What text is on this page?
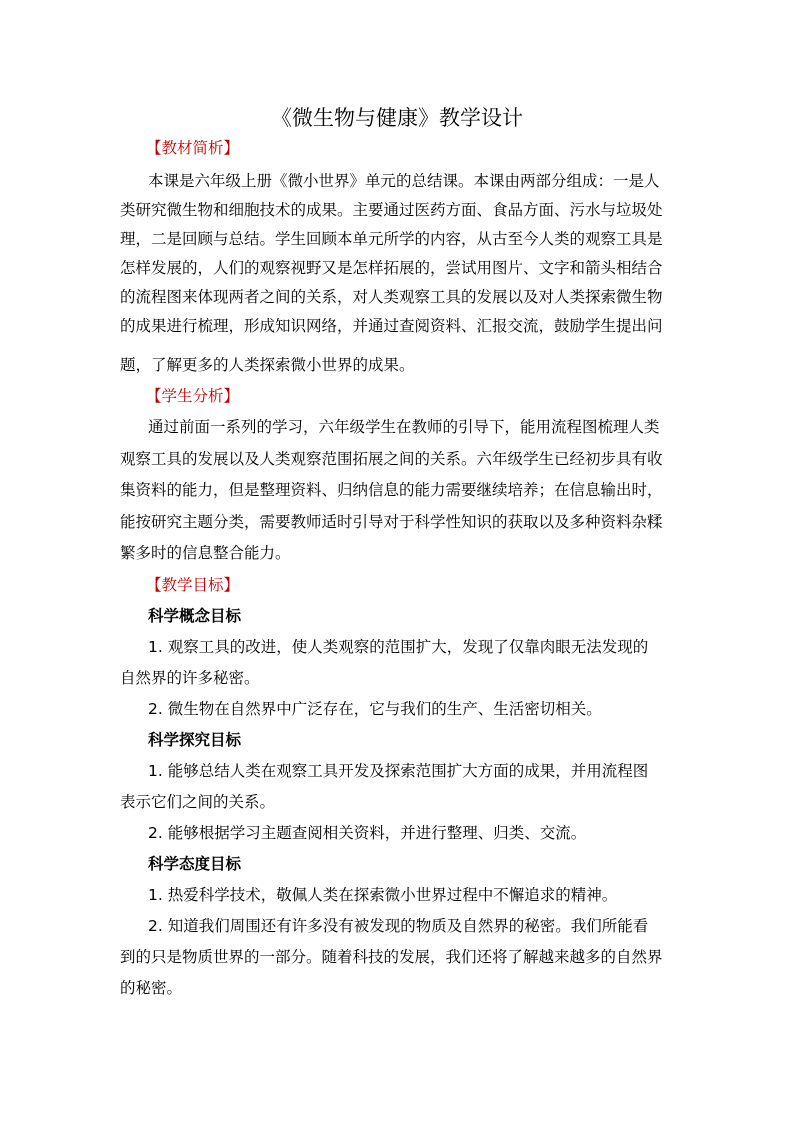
《微生物与健康》教学设计
【教材简析】
本课是六年级上册《微小世界》单元的总结课。本课由两部分组成：一是人
类研究微生物和细胞技术的成果。主要通过医药方面、食品方面、污水与垃圾处
理，二是回顾与总结。学生回顾本单元所学的内容，从古至今人类的观察工具是
怎样发展的，人们的观察视野又是怎样拓展的，尝试用图片、文字和箭头相结合
的流程图来体现两者之间的关系，对人类观察工具的发展以及对人类探索微生物
的成果进行梳理，形成知识网络，并通过查阅资料、汇报交流，鼓励学生提出问
题，了解更多的人类探索微小世界的成果。
【学生分析】
通过前面一系列的学习，六年级学生在教师的引导下，能用流程图梳理人类
观察工具的发展以及人类观察范围拓展之间的关系。六年级学生已经初步具有收
集资料的能力，但是整理资料、归纳信息的能力需要继续培养；在信息输出时，
能按研究主题分类，需要教师适时引导对于科学性知识的获取以及多种资料杂糅
繁多时的信息整合能力。
【教学目标】
科学概念目标
1. 观察工具的改进，使人类观察的范围扩大，发现了仅靠肉眼无法发现的
自然界的许多秘密。
2. 微生物在自然界中广泛存在，它与我们的生产、生活密切相关。
科学探究目标
1. 能够总结人类在观察工具开发及探索范围扩大方面的成果，并用流程图
表示它们之间的关系。
2. 能够根据学习主题查阅相关资料，并进行整理、归类、交流。
科学态度目标
1. 热爱科学技术，敬佩人类在探索微小世界过程中不懈追求的精神。
2. 知道我们周围还有许多没有被发现的物质及自然界的秘密。我们所能看
到的只是物质世界的一部分。随着科技的发展，我们还将了解越来越多的自然界
的秘密。
